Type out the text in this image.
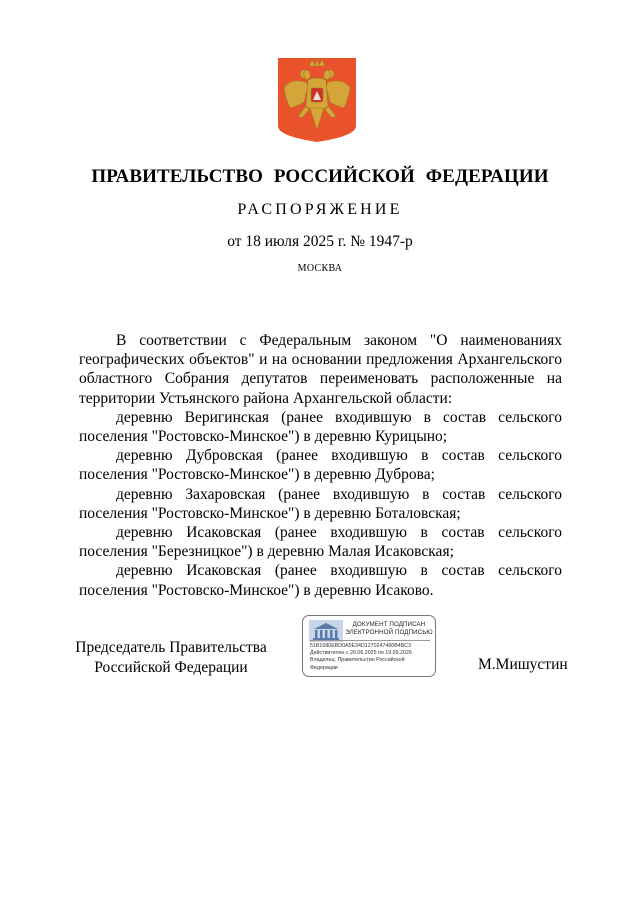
ПРАВИТЕЛЬСТВО РОССИЙСКОЙ ФЕДЕРАЦИИ
РАСПОРЯЖЕНИЕ
от 18 июля 2025 г. № 1947-р
МОСКВА

В соответствии с Федеральным законом "О наименованиях географических объектов" и на основании предложения Архангельского областного Собрания депутатов переименовать расположенные на территории Устьянского района Архангельской области:

деревню Веригинская (ранее входившую в состав сельского поселения "Ростовско-Минское") в деревню Курицыно;

деревню Дубровская (ранее входившую в состав сельского поселения "Ростовско-Минское") в деревню Дуброва;

деревню Захаровская (ранее входившую в состав сельского поселения "Ростовско-Минское") в деревню Боталовская;

деревню Исаковская (ранее входившую в состав сельского поселения "Березницкое") в деревню Малая Исаковская;

деревню Исаковская (ранее входившую в состав сельского поселения "Ростовско-Минское") в деревню Исаково.

Председатель Правительства
Российской Федерации
ДОКУМЕНТ ПОДПИСАН
ЭЛЕКТРОННОЙ ПОДПИСЬЮ
51B1680EBD0A5E34D1270247460B4BC3
Действителен с 26.06.2025 по 19.09.2026
Владелец: Правительство Российской
Федерации	М.Мишустин
